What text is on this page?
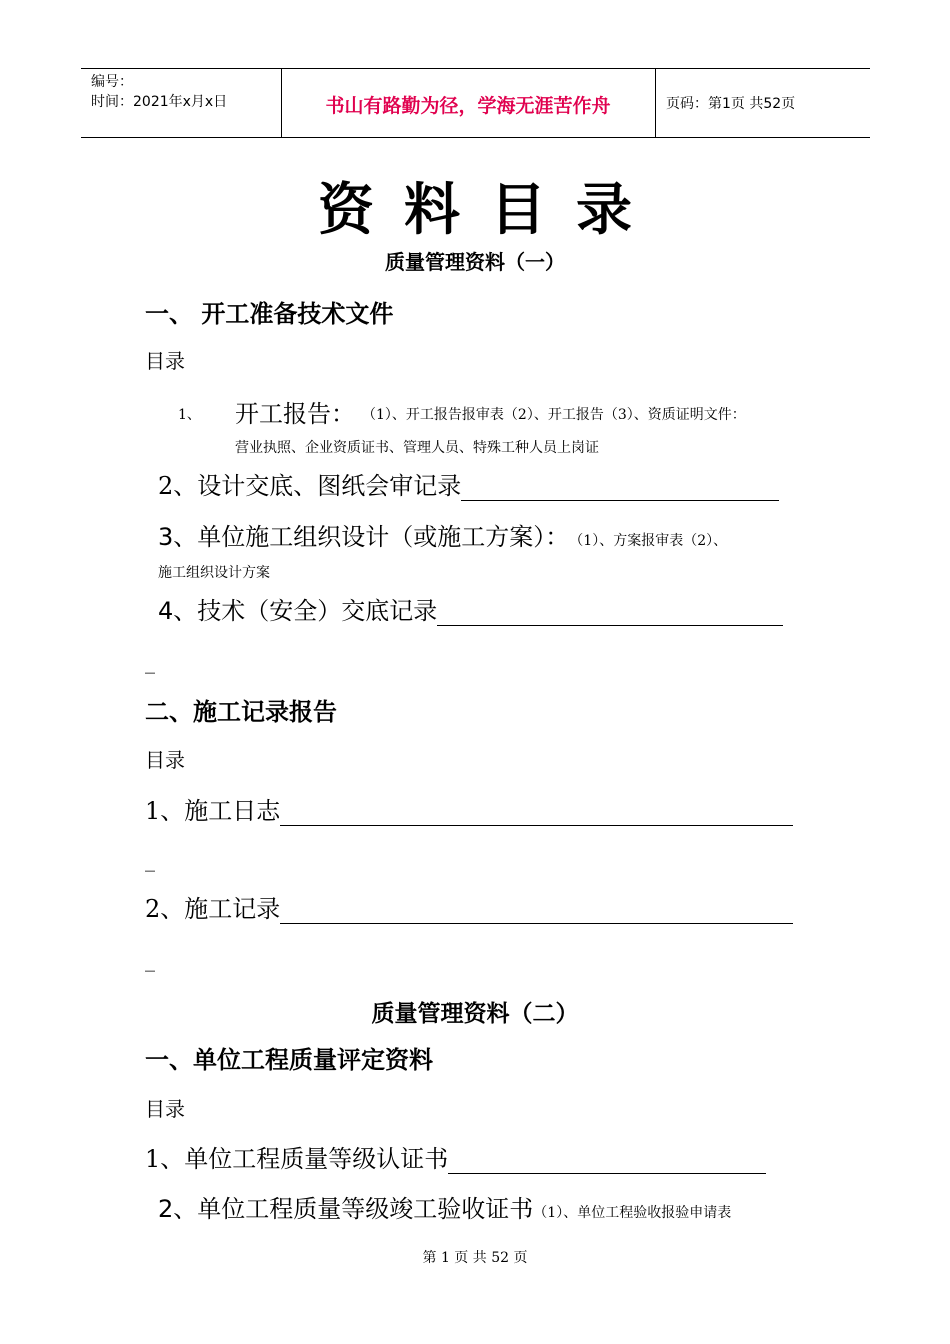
编号：
时间：2021年x月x日	书山有路勤为径，学海无涯苦作舟	页码：第1页 共52页
资料目录
质量管理资料（一）
一、 开工准备技术文件
目录
1、 开工报告： （1）、开工报告报审表（2）、开工报告（3）、资质证明文件：
营业执照、企业资质证书、管理人员、特殊工种人员上岗证
2、设计交底、图纸会审记录
3、单位施工组织设计（或施工方案）： （1）、方案报审表（2）、
施工组织设计方案
4、技术（安全）交底记录
_
二、施工记录报告
目录
1、施工日志
_
2、施工记录
_
质量管理资料（二）
一、单位工程质量评定资料
目录
1、单位工程质量等级认证书
2、单位工程质量等级竣工验收证书 （1）、单位工程验收报验申请表
第 1 页 共 52 页
